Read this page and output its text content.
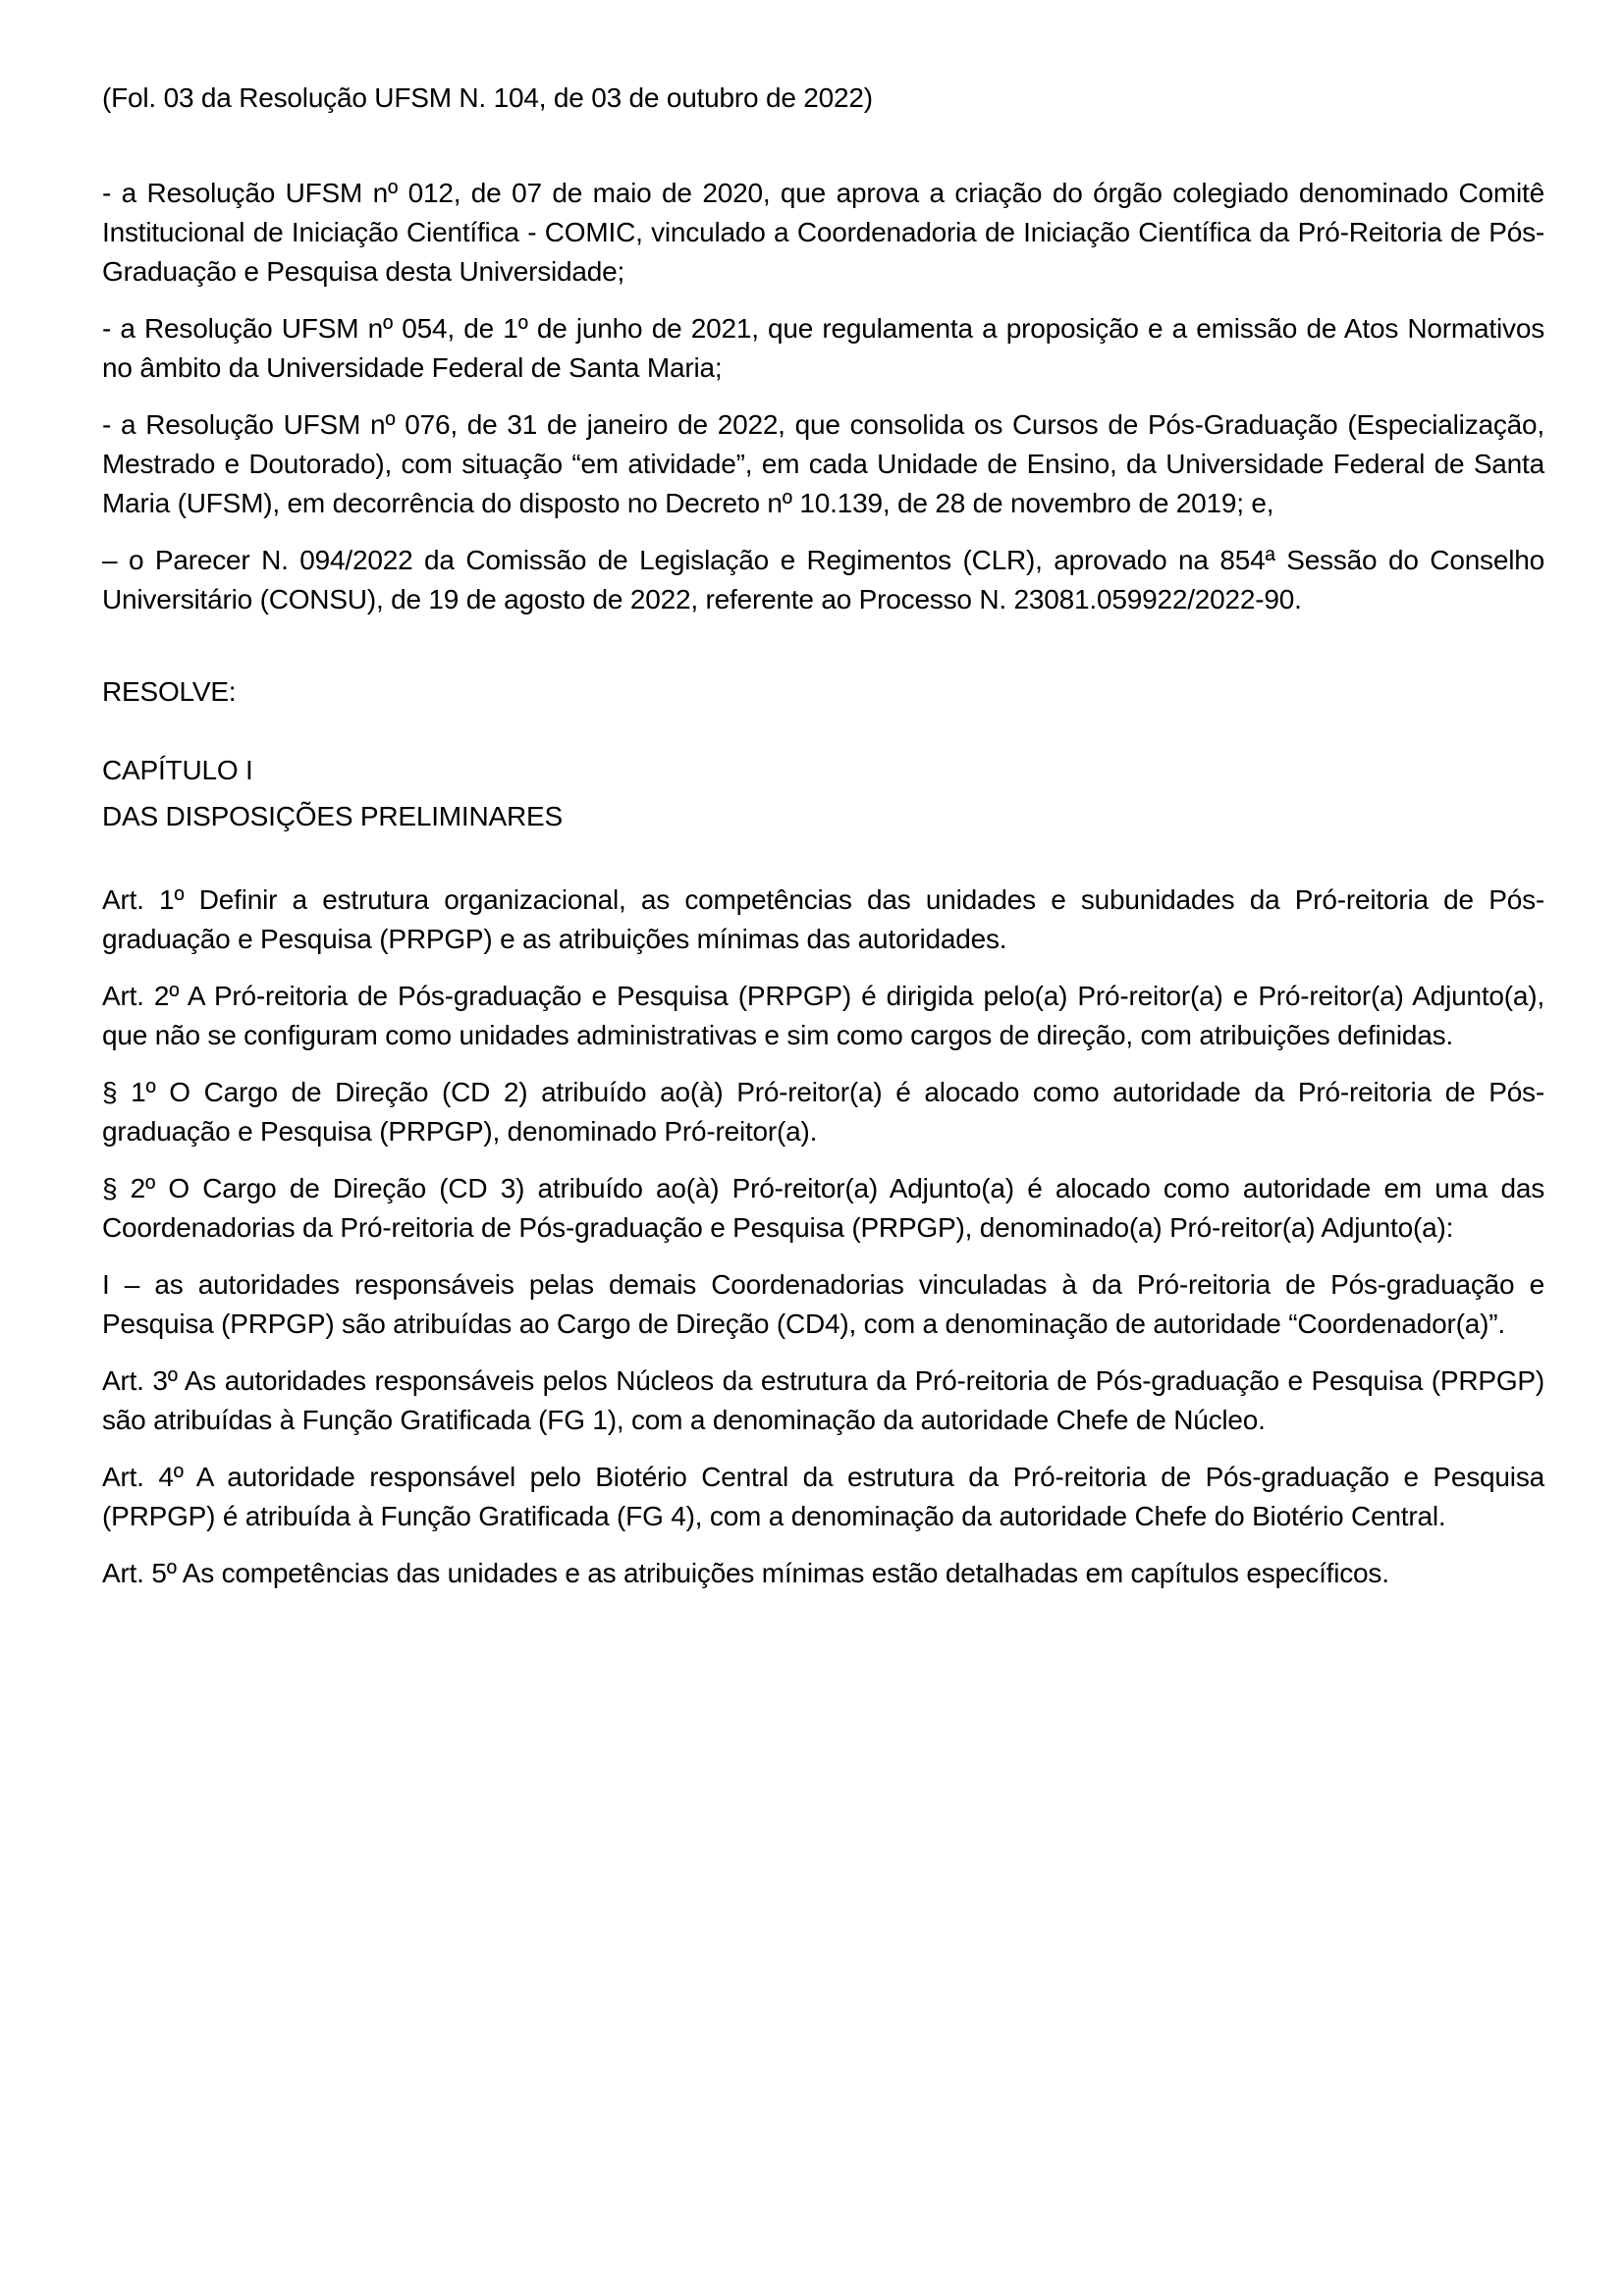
(Fol. 03 da Resolução UFSM N. 104, de 03 de outubro de 2022)

- a Resolução UFSM nº 012, de 07 de maio de 2020, que aprova a criação do órgão colegiado denominado Comitê Institucional de Iniciação Científica - COMIC, vinculado a Coordenadoria de Iniciação Científica da Pró-Reitoria de Pós-Graduação e Pesquisa desta Universidade;

- a Resolução UFSM nº 054, de 1º de junho de 2021, que regulamenta a proposição e a emissão de Atos Normativos no âmbito da Universidade Federal de Santa Maria;

- a Resolução UFSM nº 076, de 31 de janeiro de 2022, que consolida os Cursos de Pós-Graduação (Especialização, Mestrado e Doutorado), com situação “em atividade”, em cada Unidade de Ensino, da Universidade Federal de Santa Maria (UFSM), em decorrência do disposto no Decreto nº 10.139, de 28 de novembro de 2019; e,

– o Parecer N. 094/2022 da Comissão de Legislação e Regimentos (CLR), aprovado na 854ª Sessão do Conselho Universitário (CONSU), de 19 de agosto de 2022, referente ao Processo N. 23081.059922/2022-90.

RESOLVE:

CAPÍTULO I

DAS DISPOSIÇÕES PRELIMINARES

Art. 1º Definir a estrutura organizacional, as competências das unidades e subunidades da Pró-reitoria de Pós-graduação e Pesquisa (PRPGP) e as atribuições mínimas das autoridades.

Art. 2º A Pró-reitoria de Pós-graduação e Pesquisa (PRPGP) é dirigida pelo(a) Pró-reitor(a) e Pró-reitor(a) Adjunto(a), que não se configuram como unidades administrativas e sim como cargos de direção, com atribuições definidas.

§ 1º O Cargo de Direção (CD 2) atribuído ao(à) Pró-reitor(a) é alocado como autoridade da Pró-reitoria de Pós-graduação e Pesquisa (PRPGP), denominado Pró-reitor(a).

§ 2º O Cargo de Direção (CD 3) atribuído ao(à) Pró-reitor(a) Adjunto(a) é alocado como autoridade em uma das Coordenadorias da Pró-reitoria de Pós-graduação e Pesquisa (PRPGP), denominado(a) Pró-reitor(a) Adjunto(a):

I – as autoridades responsáveis pelas demais Coordenadorias vinculadas à da Pró-reitoria de Pós-graduação e Pesquisa (PRPGP) são atribuídas ao Cargo de Direção (CD4), com a denominação de autoridade “Coordenador(a)”.

Art. 3º As autoridades responsáveis pelos Núcleos da estrutura da Pró-reitoria de Pós-graduação e Pesquisa (PRPGP) são atribuídas à Função Gratificada (FG 1), com a denominação da autoridade Chefe de Núcleo.

Art. 4º A autoridade responsável pelo Biotério Central da estrutura da Pró-reitoria de Pós-graduação e Pesquisa (PRPGP) é atribuída à Função Gratificada (FG 4), com a denominação da autoridade Chefe do Biotério Central.

Art. 5º As competências das unidades e as atribuições mínimas estão detalhadas em capítulos específicos.
